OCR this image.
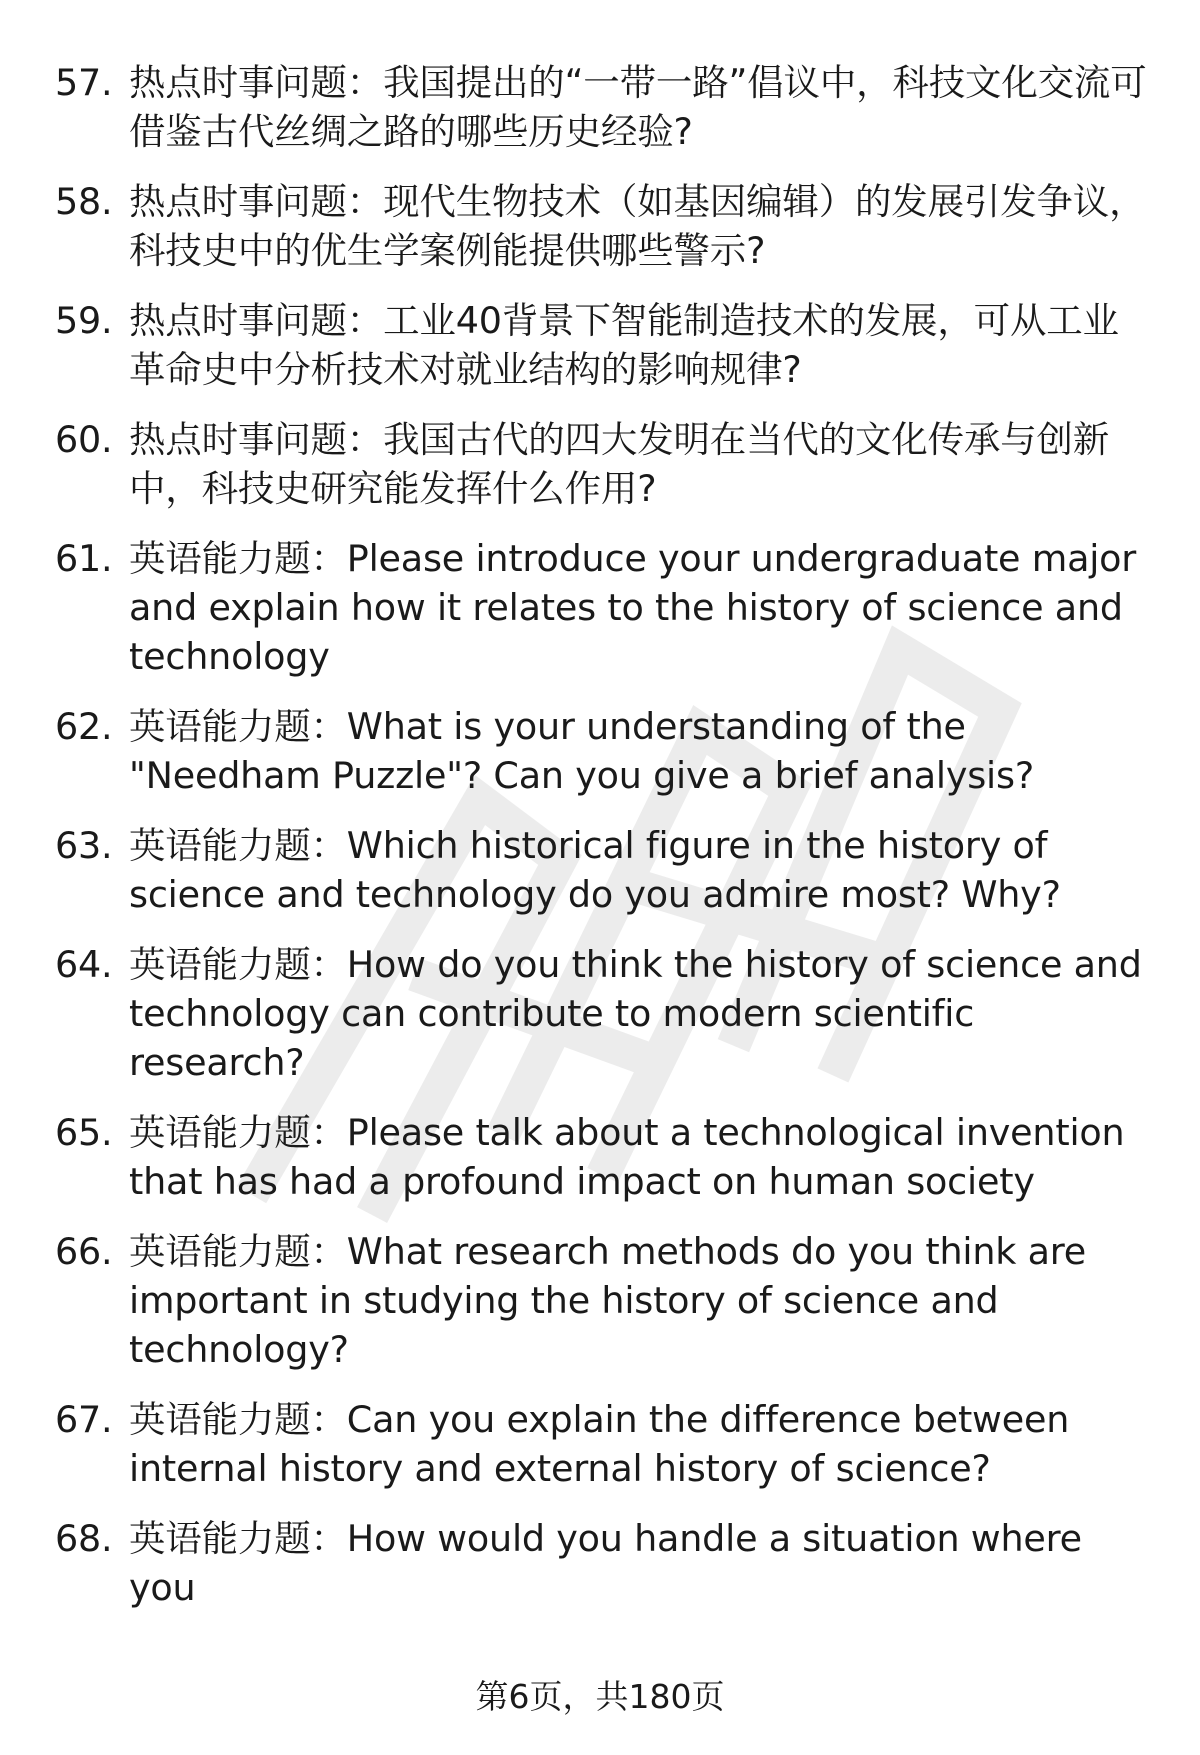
57. 热点时事问题：我国提出的“一带一路”倡议中，科技文化交流可借鉴古代丝绸之路的哪些历史经验?
58. 热点时事问题：现代生物技术（如基因编辑）的发展引发争议，科技史中的优生学案例能提供哪些警示?
59. 热点时事问题：工业40背景下智能制造技术的发展，可从工业革命史中分析技术对就业结构的影响规律?
60. 热点时事问题：我国古代的四大发明在当代的文化传承与创新中，科技史研究能发挥什么作用?
61. 英语能力题：Please introduce your undergraduate major and explain how it relates to the history of science and technology
62. 英语能力题：What is your understanding of the "Needham Puzzle"? Can you give a brief analysis?
63. 英语能力题：Which historical figure in the history of science and technology do you admire most? Why?
64. 英语能力题：How do you think the history of science and technology can contribute to modern scientific research?
65. 英语能力题：Please talk about a technological invention that has had a profound impact on human society
66. 英语能力题：What research methods do you think are important in studying the history of science and technology?
67. 英语能力题：Can you explain the difference between internal history and external history of science?
68. 英语能力题：How would you handle a situation where you
第6页，共180页
